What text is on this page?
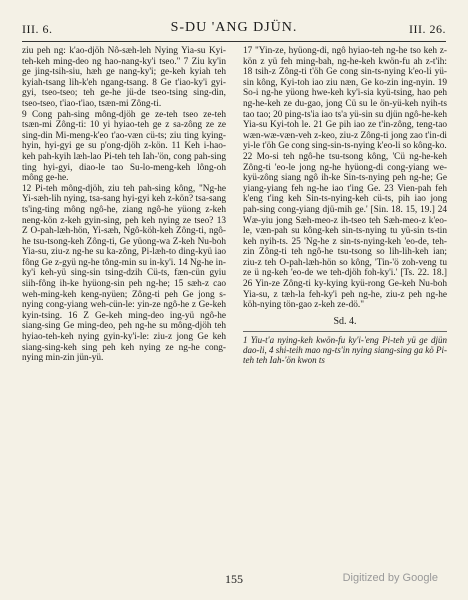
III. 6.	S-DU 'ANG DJÜN.	III. 26.

ziu peh ng: k'ao-djöh Nô-sæh-leh Nying Yia-su Kyi-teh-keh ming-deo ng hao-nang-ky'i tseo." 7 Ziu ky'in ge jing-tsih-siu, hæh ge nang-ky'i; ge-keh kyiah teh kyiah-tsang lih-k'eh ngang-tsang. 8 Ge t'iao-ky'i gyi-gyi, tseo-tseo; teh ge-he jü-de tseo-tsing sing-din, tseo-tseo, t'iao-t'iao, tsæn-mi Zông-ti.

9 Cong pah-sing mông-djöh ge ze-teh tseo ze-teh tsæn-mi Zông-ti: 10 yi hyiao-teh ge z sa-zông ze ze sing-din Mi-meng-k'eo t'ao-væn cü-ts; ziu ting kying-hyin, hyi-gyi ge su p'ong-djöh z-kön. 11 Keh i-hao-keh pah-kyih læh-lao Pi-teh teh Iah-'ön, cong pah-sing ting hyi-gyi, diao-le tao Su-lo-meng-keh lông-oh mông ge-he.

12 Pi-teh mông-djöh, ziu teh pah-sing kông, "Ng-he Yi-sæh-lih nying, tsa-sang hyi-gyi keh z-kön? tsa-sang ts'ing-ting mông ngô-he, ziang ngô-he yüong z-keh neng-kön z-keh gyin-sing, peh keh nying ze tseo? 13 Z O-pah-læh-hön, Yi-sæh, Ngô-köh-keh Zông-ti, ngô-he tsu-tsong-keh Zông-ti, Ge yüong-wa Z-keh Nu-boh Yia-su, ziu-z ng-he su ka-zông, Pi-læh-to ding-kyü iao fông Ge z-gyü ng-he tông-min su in-ky'i. 14 Ng-he in-ky'i keh-yü sing-sin tsing-dzih Cü-ts, fæn-cün gyiu siih-fông ih-ke hyüong-sin peh ng-he; 15 sæh-z cao weh-ming-keh keng-nyüen; Zông-ti peh Ge jong s-nying cong-yiang weh-cün-le: yin-ze ngô-he z Ge-keh kyin-tsing. 16 Z Ge-keh ming-deo ing-yü ngô-he siang-sing Ge ming-deo, peh ng-he su mông-djöh teh hyiao-teh-keh nying gyin-ky'i-le: ziu-z jong Ge keh siang-sing-keh sing peh keh nying ze ng-he cong-nying min-zin jün-yü.

17 "Yin-ze, hyüong-di, ngô hyiao-teh ng-he tso keh z-kön z yü feh ming-bah, ng-he-keh kwön-fu ah z-t'ih: 18 tsih-z Zông-ti t'öh Ge cong sin-ts-nying k'eo-li yü-sin kông, Kyi-toh iao ziu næn, Ge ko-zin ing-nyin. 19 So-i ng-he yüong hwe-keh ky'i-sia kyü-tsing, hao peh ng-he-keh ze du-gao, jong Cü su le ön-yü-keh nyih-ts tao tao; 20 ping-ts'ia iao ts'a yü-sin su djün ngô-he-keh Yia-su Kyi-toh le. 21 Ge pih iao ze t'in-zông, teng-tao wæn-wæ-væn-veh z-keo, ziu-z Zông-ti jong zao t'in-di yi-le t'öh Ge cong sing-sin-ts-nying k'eo-li so kông-ko.

22 Mo-si teh ngô-he tsu-tsong kông, 'Cü ng-he-keh Zông-ti 'eo-le jong ng-he hyüong-di cong-yiang we-kyü-zông siang ngô ih-ke Sin-ts-nying peh ng-he; Ge yiang-yiang feh ng-he iao t'ing Ge. 23 Vien-pah feh k'eng t'ing keh Sin-ts-nying-keh cü-ts, pih iao jong pah-sing cong-yiang djü-mih ge.' [Sin. 18. 15, 19.] 24 Wæ-yiu jong Sæh-meo-z ih-tseo teh Sæh-meo-z k'eo-le, væn-pah su kông-keh sin-ts-nying tu yü-sin ts-tin keh nyih-ts. 25 'Ng-he z sin-ts-nying-keh 'eo-de, teh-zin Zông-ti teh ngô-he tsu-tsong so lih-lih-keh ian; ziu-z teh O-pah-læh-hön so kông, 'Tin-'ö zoh-veng tu ze ü ng-keh 'eo-de we teh-djöh foh-ky'i.' [Ts. 22. 18.] 26 Yin-ze Zông-ti ky-kying kyü-rong Ge-keh Nu-boh Yia-su, z tæh-la feh-ky'i peh ng-he, ziu-z peh ng-he köh-nying tön-gao z-keh ze-dö."

Sd. 4.
1 Yiu-t'a nying-keh kwön-fu ky'i-'eng Pi-teh yü ge djün dao-li, 4 shi-teih mao ng-ts'in nying siang-sing ga kö Pi-teh teh Iah-'ön kwon ts
155	Digitized by Google
